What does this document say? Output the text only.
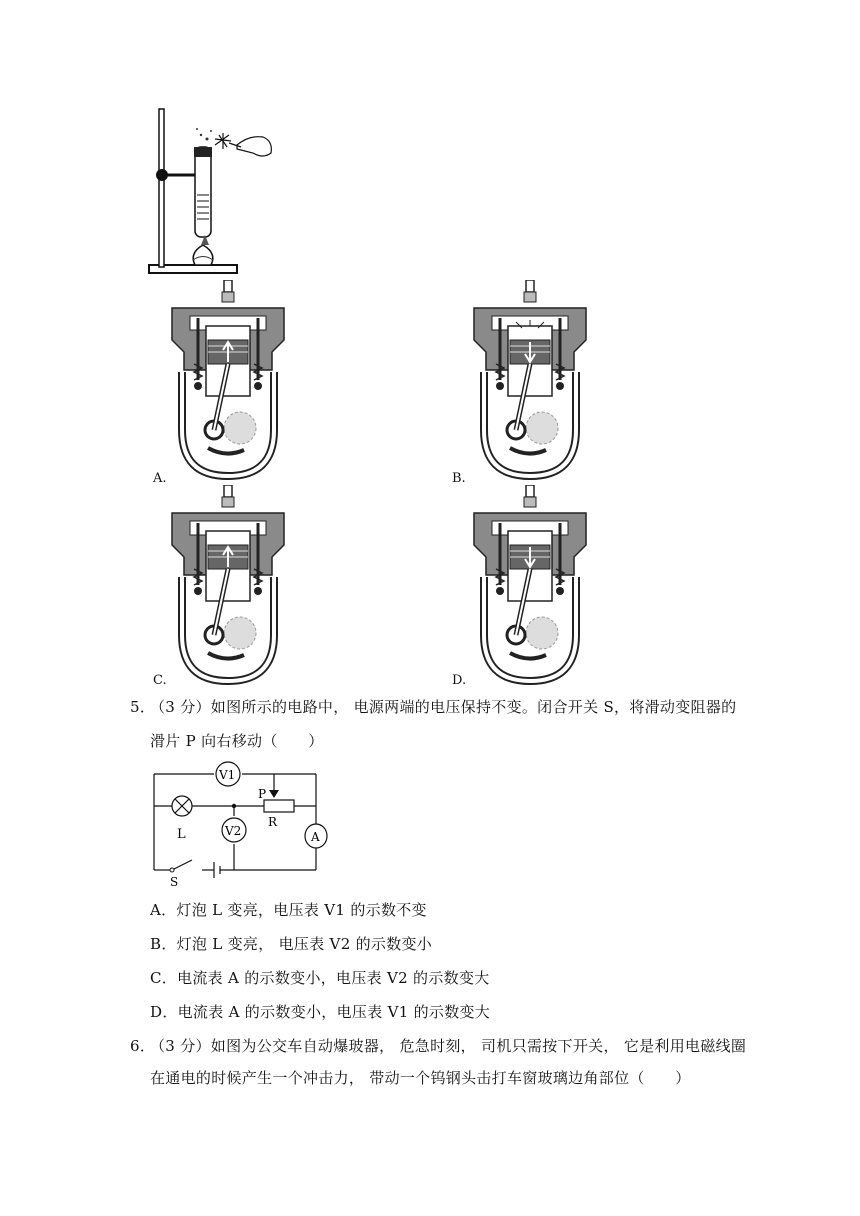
A.	B.
C.	D.
5．
（3 分）如图所示的电路中， 电源两端的电压保持不变。闭合开关 S，将滑动变阻器的
滑片 P 向右移动（　　）
V1
V2
L
P
R
A
S
A．灯泡 L 变亮，电压表 V1 的示数不变
B．灯泡 L 变亮， 电压表 V2 的示数变小
C．电流表 A 的示数变小，电压表 V2 的示数变大
D．电流表 A 的示数变小，电压表 V1 的示数变大
6．
（3 分）如图为公交车自动爆玻器， 危急时刻， 司机只需按下开关， 它是利用电磁线圈
在通电的时候产生一个冲击力， 带动一个钨钢头击打车窗玻璃边角部位（　　）
